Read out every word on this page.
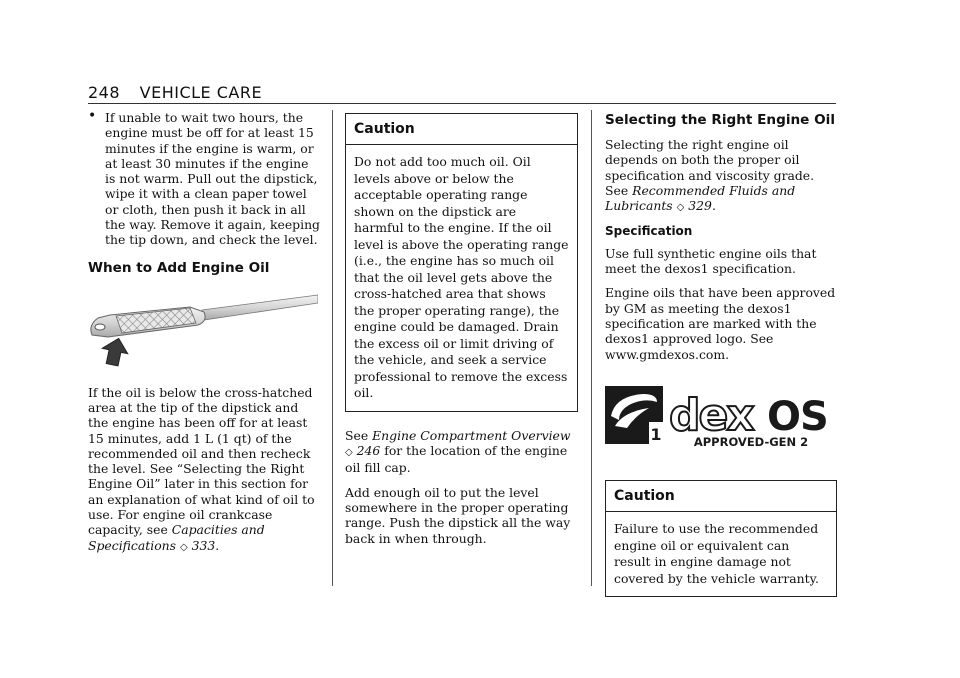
248 VEHICLE CARE

• If unable to wait two hours, the engine must be off for at least 15 minutes if the engine is warm, or at least 30 minutes if the engine is not warm. Pull out the dipstick, wipe it with a clean paper towel or cloth, then push it back in all the way. Remove it again, keeping the tip down, and check the level.

When to Add Engine Oil

If the oil is below the cross-hatched area at the tip of the dipstick and the engine has been off for at least 15 minutes, add 1 L (1 qt) of the recommended oil and then recheck the level. See “Selecting the Right Engine Oil” later in this section for an explanation of what kind of oil to use. For engine oil crankcase capacity, see Capacities and Specifications ◇ 333.

Caution
Do not add too much oil. Oil levels above or below the acceptable operating range shown on the dipstick are harmful to the engine. If the oil level is above the operating range (i.e., the engine has so much oil that the oil level gets above the cross-hatched area that shows the proper operating range), the engine could be damaged. Drain the excess oil or limit driving of the vehicle, and seek a service professional to remove the excess oil.

See Engine Compartment Overview ◇ 246 for the location of the engine oil fill cap.

Add enough oil to put the level somewhere in the proper operating range. Push the dipstick all the way back in when through.

Selecting the Right Engine Oil

Selecting the right engine oil depends on both the proper oil specification and viscosity grade. See Recommended Fluids and Lubricants ◇ 329.

Specification

Use full synthetic engine oils that meet the dexos1 specification.

Engine oils that have been approved by GM as meeting the dexos1 specification are marked with the dexos1 approved logo. See www.gmdexos.com.

1 dex OS
APPROVED-GEN 2
Caution
Failure to use the recommended engine oil or equivalent can result in engine damage not covered by the vehicle warranty.
